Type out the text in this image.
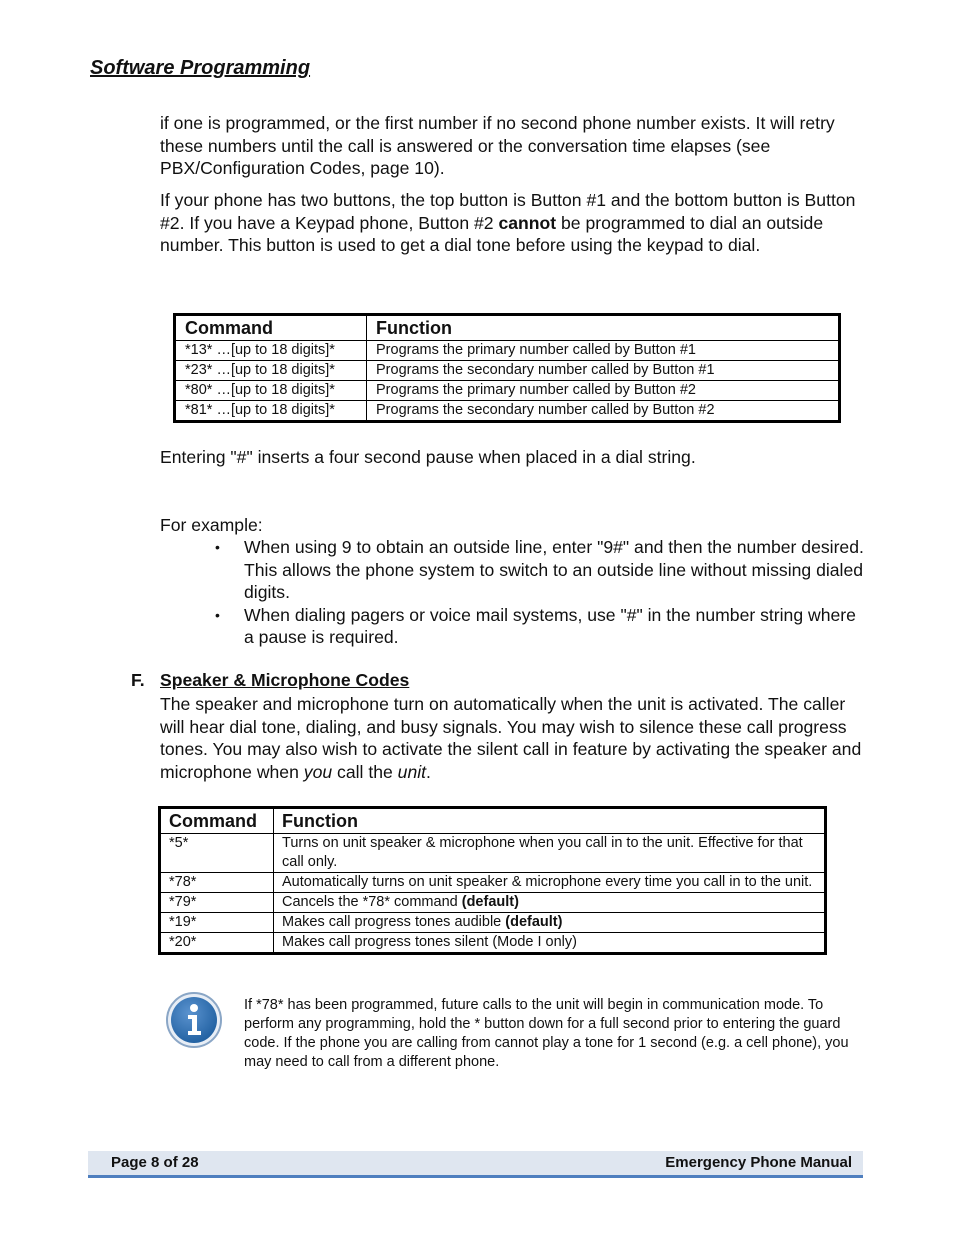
Software Programming

if one is programmed, or the first number if no second phone number exists. It will retry these numbers until the call is answered or the conversation time elapses (see PBX/Configuration Codes, page 10).

If your phone has two buttons, the top button is Button #1 and the bottom button is Button #2. If you have a Keypad phone, Button #2 cannot be programmed to dial an outside number. This button is used to get a dial tone before using the keypad to dial.

Command	Function
*13* …[up to 18 digits]*	Programs the primary number called by Button #1
*23* …[up to 18 digits]*	Programs the secondary number called by Button #1
*80* …[up to 18 digits]*	Programs the primary number called by Button #2
*81* …[up to 18 digits]*	Programs the secondary number called by Button #2
Entering "#" inserts a four second pause when placed in a dial string.
For example:
•	When using 9 to obtain an outside line, enter "9#" and then the number desired. This allows the phone system to switch to an outside line without missing dialed digits.
•	When dialing pagers or voice mail systems, use "#" in the number string where a pause is required.
F. Speaker & Microphone Codes

The speaker and microphone turn on automatically when the unit is activated. The caller will hear dial tone, dialing, and busy signals. You may wish to silence these call progress tones. You may also wish to activate the silent call in feature by activating the speaker and microphone when you call the unit.

Command	Function
*5*	Turns on unit speaker & microphone when you call in to the unit. Effective for that call only.
*78*	Automatically turns on unit speaker & microphone every time you call in to the unit.
*79*	Cancels the *78* command (default)
*19*	Makes call progress tones audible (default)
*20*	Makes call progress tones silent (Mode I only)
If *78* has been programmed, future calls to the unit will begin in communication mode. To perform any programming, hold the * button down for a full second prior to entering the guard code. If the phone you are calling from cannot play a tone for 1 second (e.g. a cell phone), you may need to call from a different phone.
Page 8 of 28	Emergency Phone Manual
